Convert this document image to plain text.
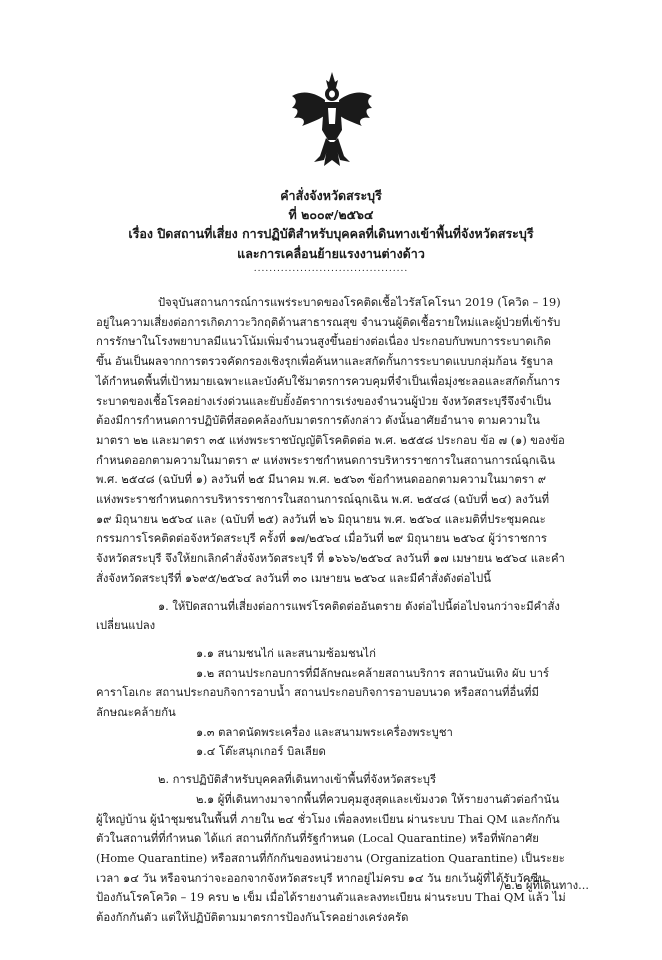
คำสั่งจังหวัดสระบุรี
ที่ ๒๐๐๙/๒๕๖๔
เรื่อง ปิดสถานที่เสี่ยง การปฏิบัติสำหรับบุคคลที่เดินทางเข้าพื้นที่จังหวัดสระบุรี
และการเคลื่อนย้ายแรงงานต่างด้าว
........................................

ปัจจุบันสถานการณ์การแพร่ระบาดของโรคติดเชื้อไวรัสโคโรนา 2019 (โควิด – 19) อยู่ในความเสี่ยงต่อการเกิดภาวะวิกฤติด้านสาธารณสุข จำนวนผู้ติดเชื้อรายใหม่และผู้ป่วยที่เข้ารับการรักษาในโรงพยาบาลมีแนวโน้มเพิ่มจำนวนสูงขึ้นอย่างต่อเนื่อง ประกอบกับพบการระบาดเกิดขึ้น อันเป็นผลจากการตรวจคัดกรองเชิงรุกเพื่อค้นหาและสกัดกั้นการระบาดแบบกลุ่มก้อน รัฐบาลได้กำหนดพื้นที่เป้าหมายเฉพาะและบังคับใช้มาตรการควบคุมที่จำเป็นเพื่อมุ่งชะลอและสกัดกั้นการระบาดของเชื้อโรคอย่างเร่งด่วนและยับยั้งอัตราการเร่งของจำนวนผู้ป่วย จังหวัดสระบุรีจึงจำเป็นต้องมีการกำหนดการปฏิบัติที่สอดคล้องกับมาตรการดังกล่าว ดังนั้นอาศัยอำนาจ ตามความในมาตรา ๒๒ และมาตรา ๓๕ แห่งพระราชบัญญัติโรคติดต่อ พ.ศ. ๒๕๕๘ ประกอบ ข้อ ๗ (๑) ของข้อกำหนดออกตามความในมาตรา ๙ แห่งพระราชกำหนดการบริหารราชการในสถานการณ์ฉุกเฉิน พ.ศ. ๒๕๔๘ (ฉบับที่ ๑) ลงวันที่ ๒๕ มีนาคม พ.ศ. ๒๕๖๓ ข้อกำหนดออกตามความในมาตรา ๙ แห่งพระราชกำหนดการบริหารราชการในสถานการณ์ฉุกเฉิน พ.ศ. ๒๕๔๘ (ฉบับที่ ๒๔) ลงวันที่ ๑๙ มิถุนายน ๒๕๖๔ และ (ฉบับที่ ๒๕) ลงวันที่ ๒๖ มิถุนายน พ.ศ. ๒๕๖๔ และมติที่ประชุมคณะกรรมการโรคติดต่อจังหวัดสระบุรี ครั้งที่ ๑๗/๒๕๖๔ เมื่อวันที่ ๒๙ มิถุนายน ๒๕๖๔ ผู้ว่าราชการจังหวัดสระบุรี จึงให้ยกเลิกคำสั่งจังหวัดสระบุรี ที่ ๑๖๖๖/๒๕๖๔ ลงวันที่ ๑๗ เมษายน ๒๕๖๔ และคำสั่งจังหวัดสระบุรีที่ ๑๖๙๕/๒๕๖๔ ลงวันที่ ๓๐ เมษายน ๒๕๖๔ และมีคำสั่งดังต่อไปนี้

๑. ให้ปิดสถานที่เสี่ยงต่อการแพร่โรคติดต่ออันตราย ดังต่อไปนี้ต่อไปจนกว่าจะมีคำสั่งเปลี่ยนแปลง

๑.๑ สนามชนไก่ และสนามซ้อมชนไก่

๑.๒ สถานประกอบการที่มีลักษณะคล้ายสถานบริการ สถานบันเทิง ผับ บาร์ คาราโอเกะ สถานประกอบกิจการอาบน้ำ สถานประกอบกิจการอาบอบนวด หรือสถานที่อื่นที่มีลักษณะคล้ายกัน

๑.๓ ตลาดนัดพระเครื่อง และสนามพระเครื่องพระบูชา

๑.๔ โต๊ะสนุกเกอร์ บิลเลียด

๒. การปฏิบัติสำหรับบุคคลที่เดินทางเข้าพื้นที่จังหวัดสระบุรี

๒.๑ ผู้ที่เดินทางมาจากพื้นที่ควบคุมสูงสุดและเข้มงวด ให้รายงานตัวต่อกำนัน ผู้ใหญ่บ้าน ผู้นำชุมชนในพื้นที่ ภายใน ๒๔ ชั่วโมง เพื่อลงทะเบียน ผ่านระบบ Thai QM และกักกันตัวในสถานที่ที่กำหนด ได้แก่ สถานที่กักกันที่รัฐกำหนด (Local Quarantine) หรือที่พักอาศัย (Home Quarantine) หรือสถานที่กักกันของหน่วยงาน (Organization Quarantine) เป็นระยะเวลา ๑๔ วัน หรือจนกว่าจะออกจากจังหวัดสระบุรี หากอยู่ไม่ครบ ๑๔ วัน ยกเว้นผู้ที่ได้รับวัคซีนป้องกันโรคโควิด – 19 ครบ ๒ เข็ม เมื่อได้รายงานตัวและลงทะเบียน ผ่านระบบ Thai QM แล้ว ไม่ต้องกักกันตัว แต่ให้ปฏิบัติตามมาตรการป้องกันโรคอย่างเคร่งครัด

/๒.๒ ผู้ที่เดินทาง...
